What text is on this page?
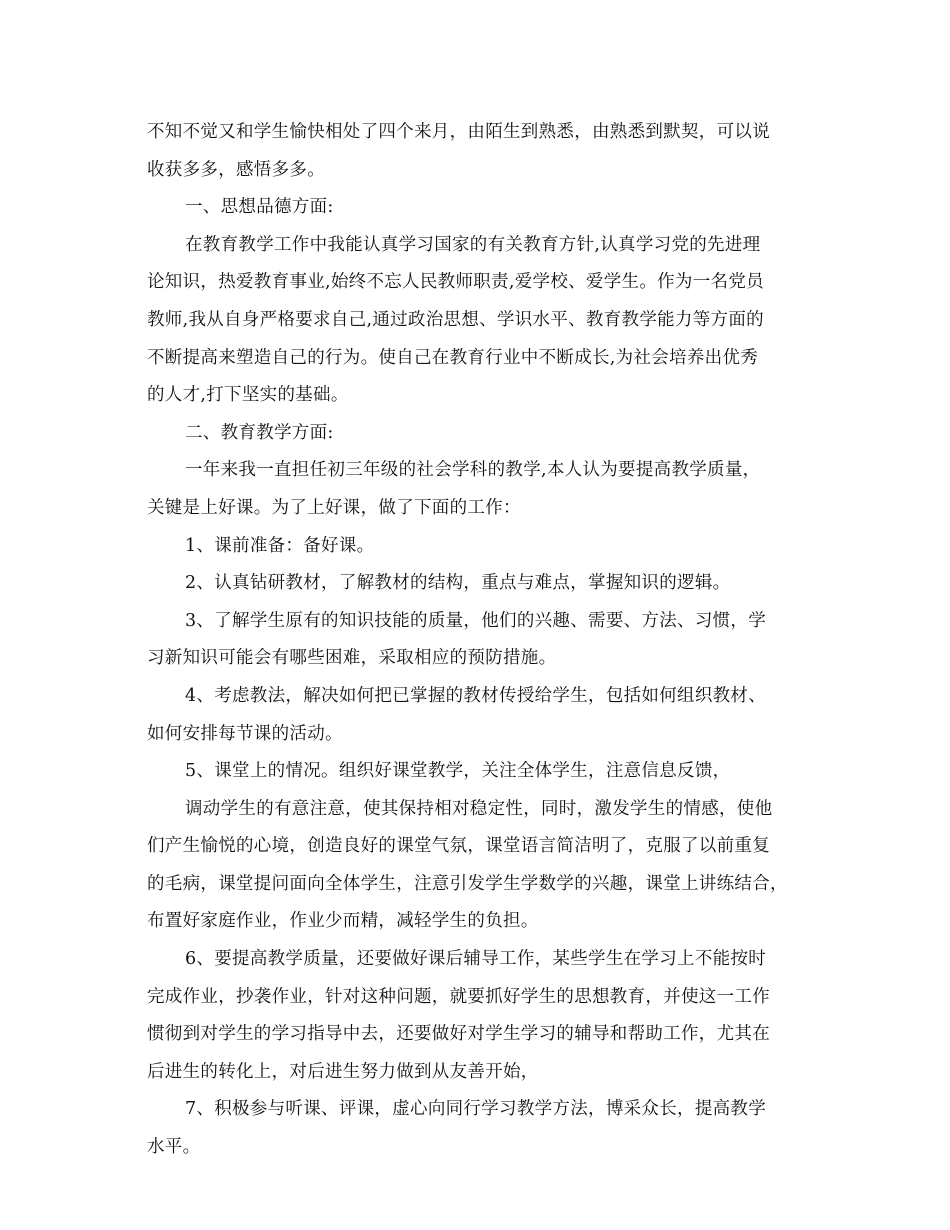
不知不觉又和学生愉快相处了四个来月，由陌生到熟悉，由熟悉到默契，可以说
收获多多，感悟多多。
一、思想品德方面:
在教育教学工作中我能认真学习国家的有关教育方针,认真学习党的先进理
论知识，热爱教育事业,始终不忘人民教师职责,爱学校、爱学生。作为一名党员
教师,我从自身严格要求自己,通过政治思想、学识水平、教育教学能力等方面的
不断提高来塑造自己的行为。使自己在教育行业中不断成长,为社会培养出优秀
的人才,打下坚实的基础。
二、教育教学方面:
一年来我一直担任初三年级的社会学科的教学,本人认为要提高教学质量，
关键是上好课。为了上好课，做了下面的工作：
1、课前准备：备好课。
2、认真钻研教材，了解教材的结构，重点与难点，掌握知识的逻辑。
3、了解学生原有的知识技能的质量，他们的兴趣、需要、方法、习惯，学
习新知识可能会有哪些困难，采取相应的预防措施。
4、考虑教法，解决如何把已掌握的教材传授给学生，包括如何组织教材、
如何安排每节课的活动。
5、课堂上的情况。组织好课堂教学，关注全体学生，注意信息反馈，
调动学生的有意注意，使其保持相对稳定性，同时，激发学生的情感，使他
们产生愉悦的心境，创造良好的课堂气氛，课堂语言简洁明了，克服了以前重复
的毛病，课堂提问面向全体学生，注意引发学生学数学的兴趣，课堂上讲练结合，
布置好家庭作业，作业少而精，减轻学生的负担。
6、要提高教学质量，还要做好课后辅导工作，某些学生在学习上不能按时
完成作业，抄袭作业，针对这种问题，就要抓好学生的思想教育，并使这一工作
惯彻到对学生的学习指导中去，还要做好对学生学习的辅导和帮助工作，尤其在
后进生的转化上，对后进生努力做到从友善开始，
7、积极参与听课、评课，虚心向同行学习教学方法，博采众长，提高教学
水平。
